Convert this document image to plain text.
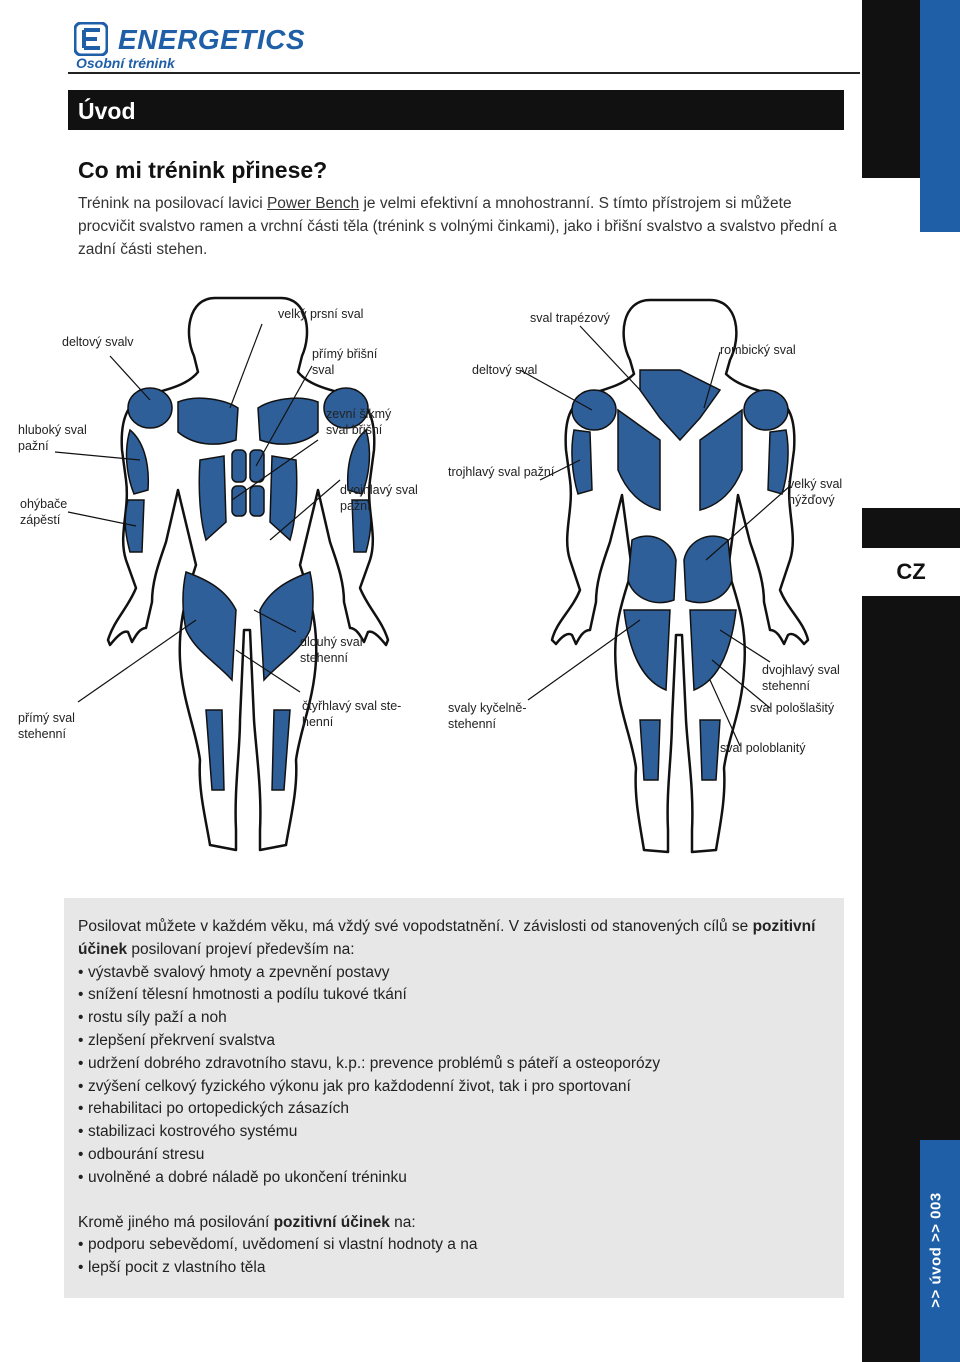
ENERGETICS
Osobní trénink
CZ
>> úvod >> 003
Úvod
Co mi trénink přinese?

Trénink na posilovací lavici Power Bench je velmi efektivní a mnohostranní. S tímto přístrojem si můžete procvičit svalstvo ramen a vrchní části těla (trénink s volnými činkami), jako i břišní svalstvo a svalstvo přední a zadní části stehen.

deltový svalv
velký prsní sval
přímý břišní
sval
hluboký sval
pažní
zevní šikmý
sval břišní
ohýbače
zápěstí
dvojhlavý sval
pažní
dlouhý sval
stehenní
přímý sval
stehenní
čtyřhlavý sval ste-
henní
sval trapézový
deltový sval
rombický sval
trojhlavý sval pažní
velký sval
hýžďový
dvojhlavý sval
stehenní
svaly kyčelně-
stehenní
sval pološlašitý
sval poloblanitý

Posilovat můžete v každém věku, má vždý své vopodstatnění. V závislosti od stanovených cílů se pozitivní účinek posilovaní projeví především na:

• výstavbě svalový hmoty a zpevnění postavy
• snížení tělesní hmotnosti a podílu tukové tkání
• rostu síly paží a noh
• zlepšení překrvení svalstva
• udržení dobrého zdravotního stavu, k.p.: prevence problémů s páteří a osteoporózy
• zvýšení celkový fyzického výkonu jak pro každodenní život, tak i pro sportovaní
• rehabilitaci po ortopedických zásazích
• stabilizaci kostrového systému
• odbourání stresu
• uvolněné a dobré náladě po ukončení tréninku

Kromě jiného má posilování pozitivní účinek na:

• podporu sebevědomí, uvědomení si vlastní hodnoty a na
• lepší pocit z vlastního těla
